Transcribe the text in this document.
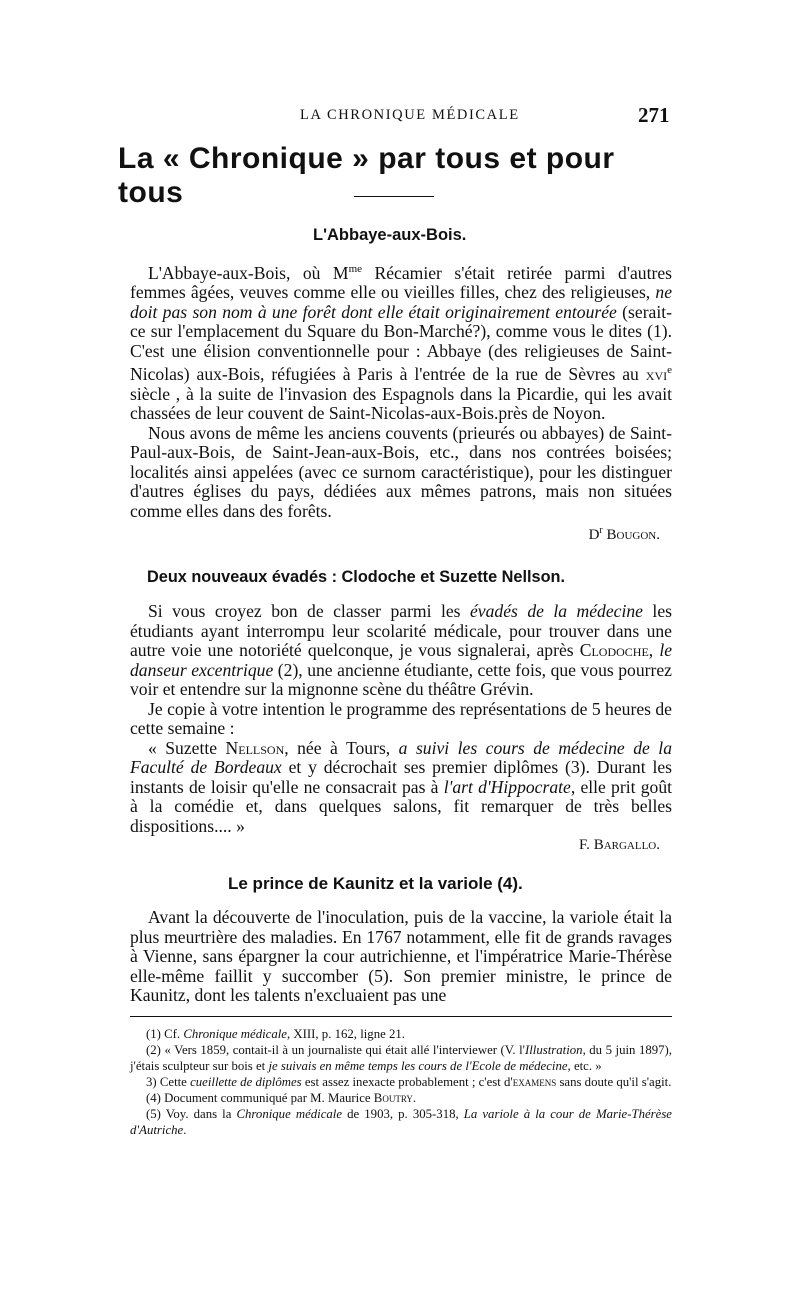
LA CHRONIQUE MÉDICALE	271
La « Chronique » par tous et pour tous
L'Abbaye-aux-Bois.

L'Abbaye-aux-Bois, où $M^{me}$ Récamier s'était retirée parmi d'autres femmes âgées, veuves comme elle ou vieilles filles, chez des religieuses, ne doit pas son nom à une forêt dont elle était originairement entourée (serait-ce sur l'emplacement du Square du Bon-Marché?), comme vous le dites (1). C'est une élision conventionnelle pour : Abbaye (des religieuses de Saint-Nicolas) aux-Bois, réfugiées à Paris à l'entrée de la rue de Sèvres au xvi$^e$ siècle , à la suite de l'invasion des Espagnols dans la Picardie, qui les avait chassées de leur couvent de Saint-Nicolas-aux-Bois.près de Noyon.

Nous avons de même les anciens couvents (prieurés ou abbayes) de Saint-Paul-aux-Bois, de Saint-Jean-aux-Bois, etc., dans nos contrées boisées; localités ainsi appelées (avec ce surnom caractéristique), pour les distinguer d'autres églises du pays, dédiées aux mêmes patrons, mais non situées comme elles dans des forêts.

$D^r$ Bougon.
Deux nouveaux évadés : Clodoche et Suzette Nellson.

Si vous croyez bon de classer parmi les évadés de la médecine les étudiants ayant interrompu leur scolarité médicale, pour trouver dans une autre voie une notoriété quelconque, je vous signalerai, après Clodoche, le danseur excentrique (2), une ancienne étudiante, cette fois, que vous pourrez voir et entendre sur la mignonne scène du théâtre Grévin.

Je copie à votre intention le programme des représentations de 5 heures de cette semaine :

« Suzette Nellson, née à Tours, a suivi les cours de médecine de la Faculté de Bordeaux et y décrochait ses premier diplômes (3). Durant les instants de loisir qu'elle ne consacrait pas à l'art d'Hippocrate, elle prit goût à la comédie et, dans quelques salons, fit remarquer de très belles dispositions.... »

F. Bargallo.
Le prince de Kaunitz et la variole (4).

Avant la découverte de l'inoculation, puis de la vaccine, la variole était la plus meurtrière des maladies. En 1767 notamment, elle fit de grands ravages à Vienne, sans épargner la cour autrichienne, et l'impératrice Marie-Thérèse elle-même faillit y succomber (5). Son premier ministre, le prince de Kaunitz, dont les talents n'excluaient pas une

(1) Cf. Chronique médicale, XIII, p. 162, ligne 21.
(2) « Vers 1859, contait-il à un journaliste qui était allé l'interviewer (V. l'Illustration, du 5 juin 1897), j'étais sculpteur sur bois et je suivais en même temps les cours de l'Ecole de médecine, etc. »
3) Cette cueillette de diplômes est assez inexacte probablement ; c'est d'examens sans doute qu'il s'agit.
(4) Document communiqué par M. Maurice Boutry.
(5) Voy. dans la Chronique médicale de 1903, p. 305-318, La variole à la cour de Marie-Thérèse d'Autriche.
